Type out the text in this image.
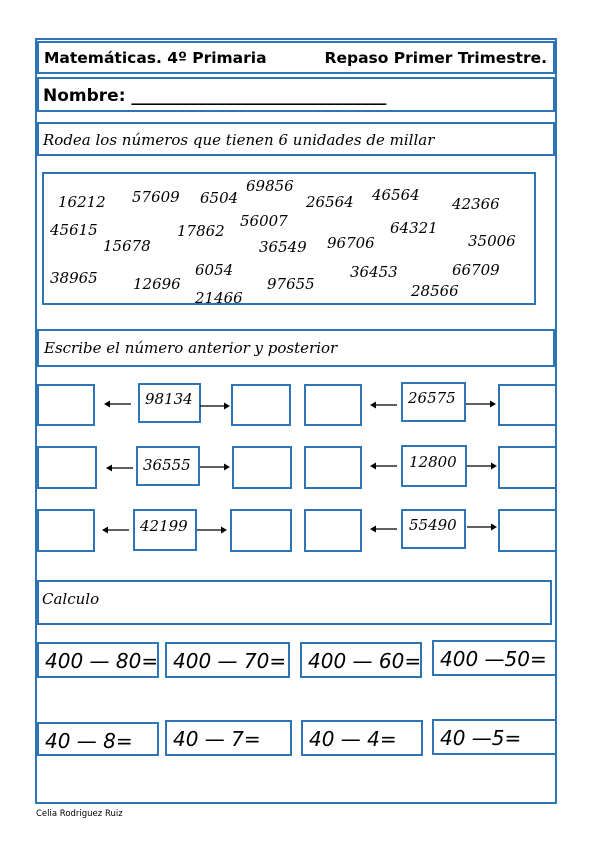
Matemáticas. 4º Primaria	Repaso Primer Trimestre.
Nombre: ______________________________
Rodea los números que tienen 6 unidades de millar
16212 57609 6504
69856
26564 46564 42366
45615
15678
17862
56007
36549 96706
64321
35006
38965 12696
6054
21466
97655
36453
28566
66709
Escribe el número anterior y posterior
98134	26575
36555	12800
42199	55490
Calculo
400 — 80= 400 — 70= 400 — 60= 400 —50=
40 — 8= 40 — 7= 40 — 4= 40 —5=
Celia Rodriguez Ruiz
